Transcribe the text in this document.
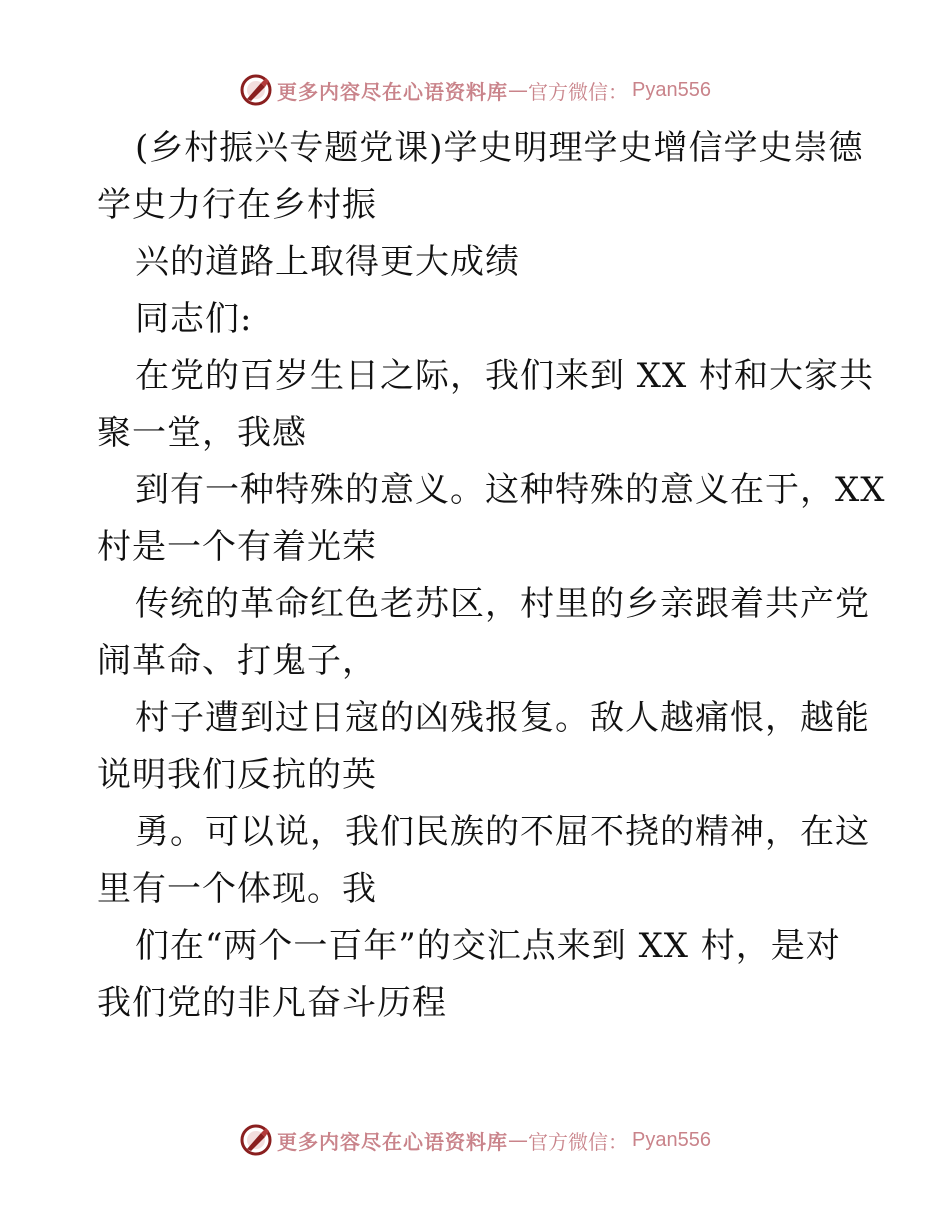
更多内容尽在心语资料库 — 官方微信： Pyan556
(乡村振兴专题党课)学史明理学史增信学史崇德
学史力行在乡村振
兴的道路上取得更大成绩
同志们:
在党的百岁生日之际，我们来到 XX 村和大家共
聚一堂，我感
到有一种特殊的意义。这种特殊的意义在于，XX
村是一个有着光荣
传统的革命红色老苏区，村里的乡亲跟着共产党
闹革命、打鬼子，
村子遭到过日寇的凶残报复。敌人越痛恨，越能
说明我们反抗的英
勇。可以说，我们民族的不屈不挠的精神，在这
里有一个体现。我
们在“两个一百年”的交汇点来到 XX 村，是对
我们党的非凡奋斗历程
更多内容尽在心语资料库 — 官方微信： Pyan556
